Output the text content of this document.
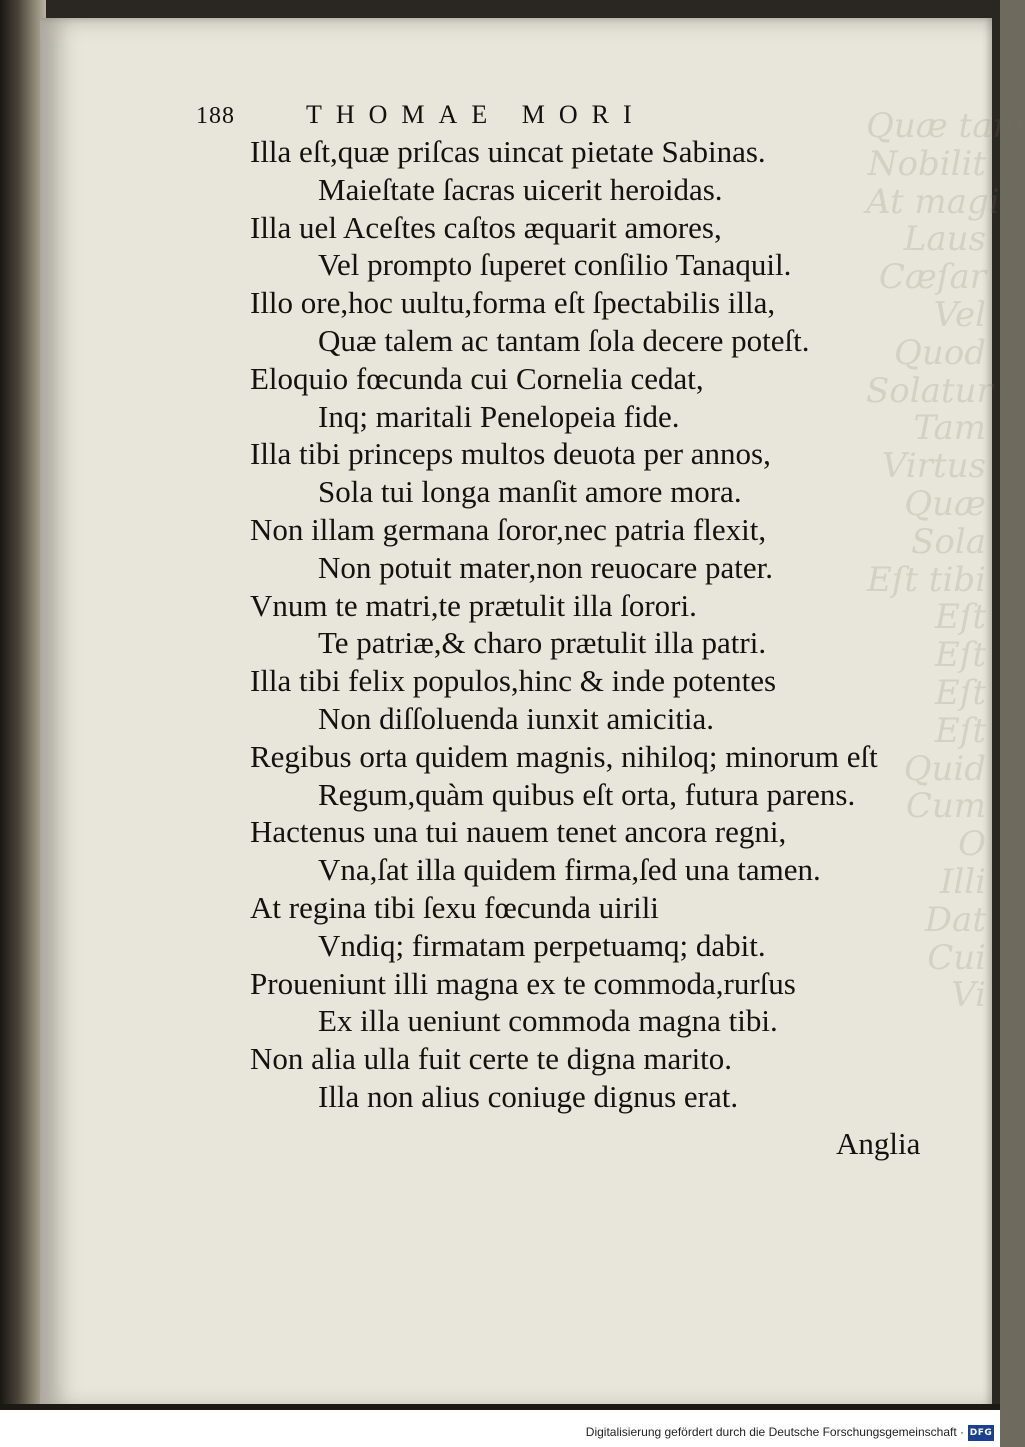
Quæ tam
Nobilit
At magis
Laus
Cæſar
Vel
Quod
Solatur
Tam
Virtus
Quæ
Sola
Eſt tibi
Eſt
Eſt
Eſt
Eſt
Quid
Cum
O
Illi
Dat
Cui
Vi
188	THOMAE MORI
Illa eſt,quæ priſcas uincat pietate Sabinas.
Maieſtate ſacras uicerit heroidas.
Illa uel Aceſtes caſtos æquarit amores,
Vel prompto ſuperet conſilio Tanaquil.
Illo ore,hoc uultu,forma eſt ſpectabilis illa,
Quæ talem ac tantam ſola decere poteſt.
Eloquio fœcunda cui Cornelia cedat,
Inq; maritali Penelopeia fide.
Illa tibi princeps multos deuota per annos,
Sola tui longa manſit amore mora.
Non illam germana ſoror,nec patria flexit,
Non potuit mater,non reuocare pater.
Vnum te matri,te prætulit illa ſorori.
Te patriæ,& charo prætulit illa patri.
Illa tibi felix populos,hinc & inde potentes
Non diſſoluenda iunxit amicitia.
Regibus orta quidem magnis, nihiloq; minorum eſt
Regum,quàm quibus eſt orta, futura parens.
Hactenus una tui nauem tenet ancora regni,
Vna,ſat illa quidem firma,ſed una tamen.
At regina tibi ſexu fœcunda uirili
Vndiq; firmatam perpetuamq; dabit.
Proueniunt illi magna ex te commoda,rurſus
Ex illa ueniunt commoda magna tibi.
Non alia ulla fuit certe te digna marito.
Illa non alius coniuge dignus erat.
Anglia
Digitalisierung gefördert durch die Deutsche Forschungsgemeinschaft · DFG
